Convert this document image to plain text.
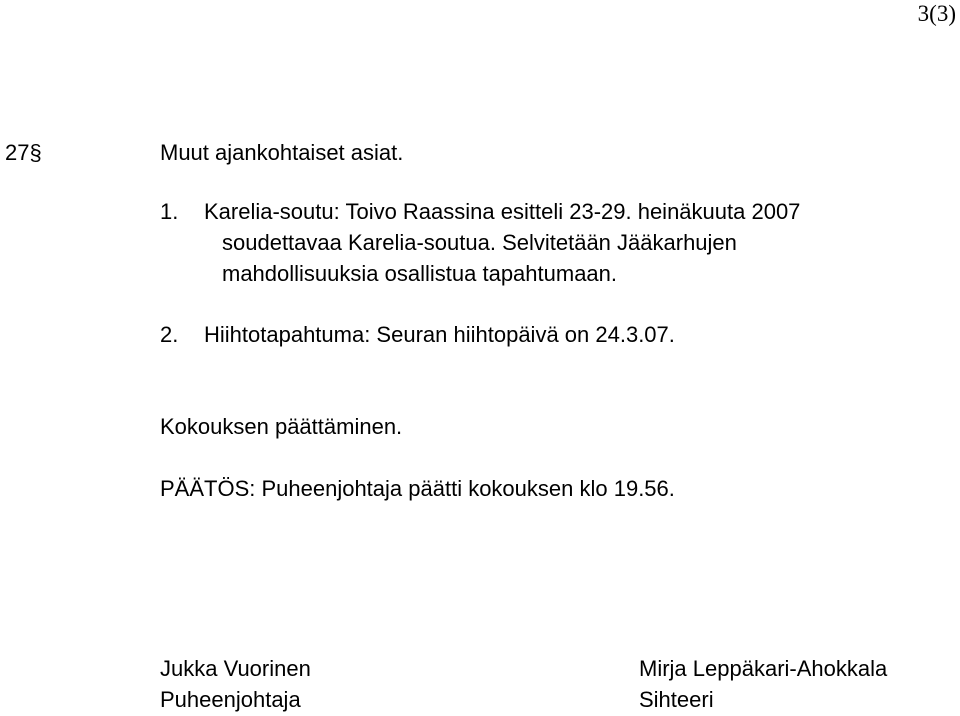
3(3)
27§	Muut ajankohtaiset asiat.
1. Karelia-soutu: Toivo Raassina esitteli 23-29. heinäkuuta 2007
soudettavaa Karelia-soutua. Selvitetään Jääkarhujen
mahdollisuuksia osallistua tapahtumaan.
2. Hiihtotapahtuma: Seuran hiihtopäivä on 24.3.07.
Kokouksen päättäminen.
PÄÄTÖS: Puheenjohtaja päätti kokouksen klo 19.56.
Jukka Vuorinen
Puheenjohtaja
Mirja Leppäkari-Ahokkala
Sihteeri
